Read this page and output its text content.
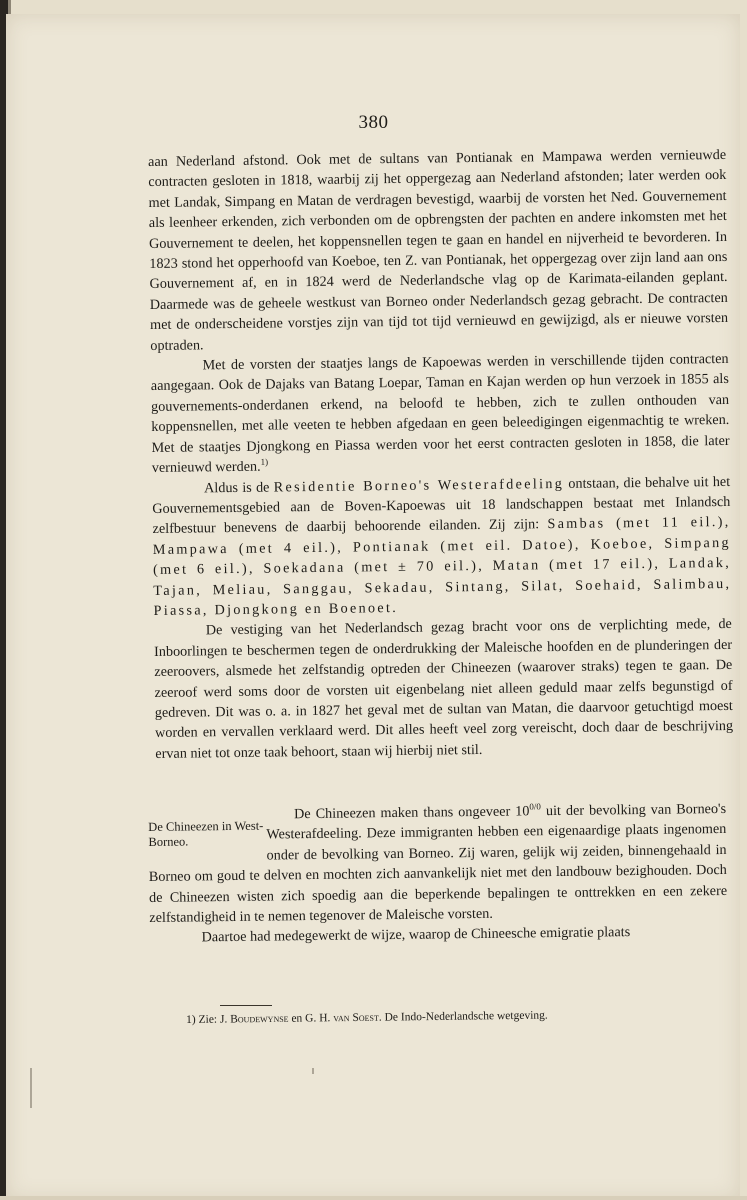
380

aan Nederland afstond. Ook met de sultans van Pontianak en Mampawa werden vernieuwde contracten gesloten in 1818, waarbij zij het oppergezag aan Nederland afstonden; later werden ook met Landak, Simpang en Matan de verdragen bevestigd, waarbij de vorsten het Ned. Gouvernement als leenheer erkenden, zich verbonden om de opbrengsten der pachten en andere inkomsten met het Gouvernement te deelen, het koppensnellen tegen te gaan en handel en nijverheid te bevorderen. In 1823 stond het opperhoofd van Koeboe, ten Z. van Pontianak, het oppergezag over zijn land aan ons Gouvernement af, en in 1824 werd de Nederlandsche vlag op de Karimata-eilanden geplant. Daarmede was de geheele westkust van Borneo onder Nederlandsch gezag gebracht. De contracten met de onderscheidene vorstjes zijn van tijd tot tijd vernieuwd en gewijzigd, als er nieuwe vorsten optraden.

Met de vorsten der staatjes langs de Kapoewas werden in verschillende tijden contracten aangegaan. Ook de Dajaks van Batang Loepar, Taman en Kajan werden op hun verzoek in 1855 als gouvernements-onderdanen erkend, na beloofd te hebben, zich te zullen onthouden van koppensnellen, met alle veeten te hebben afgedaan en geen beleedigingen eigenmachtig te wreken. Met de staatjes Djongkong en Piassa werden voor het eerst contracten gesloten in 1858, die later vernieuwd werden.$^{1)}$

Aldus is de Residentie Borneo's Westerafdeeling ontstaan, die behalve uit het Gouvernementsgebied aan de Boven-Kapoewas uit 18 landschappen bestaat met Inlandsch zelfbestuur benevens de daarbij behoorende eilanden. Zij zijn: Sambas (met 11 eil.), Mampawa (met 4 eil.), Pontianak (met eil. Datoe), Koeboe, Simpang (met 6 eil.), Soekadana (met ± 70 eil.), Matan (met 17 eil.), Landak, Tajan, Meliau, Sanggau, Sekadau, Sintang, Silat, Soehaid, Salimbau, Piassa, Djongkong en Boenoet.

De vestiging van het Nederlandsch gezag bracht voor ons de verplichting mede, de Inboorlingen te beschermen tegen de onderdrukking der Maleische hoofden en de plunderingen der zeeroovers, alsmede het zelfstandig optreden der Chineezen (waarover straks) tegen te gaan. De zeeroof werd soms door de vorsten uit eigenbelang niet alleen geduld maar zelfs begunstigd of gedreven. Dit was o. a. in 1827 het geval met de sultan van Matan, die daarvoor getuchtigd moest worden en vervallen verklaard werd. Dit alles heeft veel zorg vereischt, doch daar de beschrijving ervan niet tot onze taak behoort, staan wij hierbij niet stil.

De Chineezen in West-Borneo.

De Chineezen maken thans ongeveer $10^{0/0}$ uit der bevolking van Borneo's Westerafdeeling. Deze immigranten hebben een eigenaardige plaats ingenomen onder de bevolking van Borneo. Zij waren, gelijk wij zeiden, binnengehaald in Borneo om goud te delven en mochten zich aanvankelijk niet met den landbouw bezighouden. Doch de Chineezen wisten zich spoedig aan die beperkende bepalingen te onttrekken en een zekere zelfstandigheid in te nemen tegenover de Maleische vorsten.

Daartoe had medegewerkt de wijze, waarop de Chineesche emigratie plaats

1) Zie: J. Boudewynse en G. H. van Soest. De Indo-Nederlandsche wetgeving.
